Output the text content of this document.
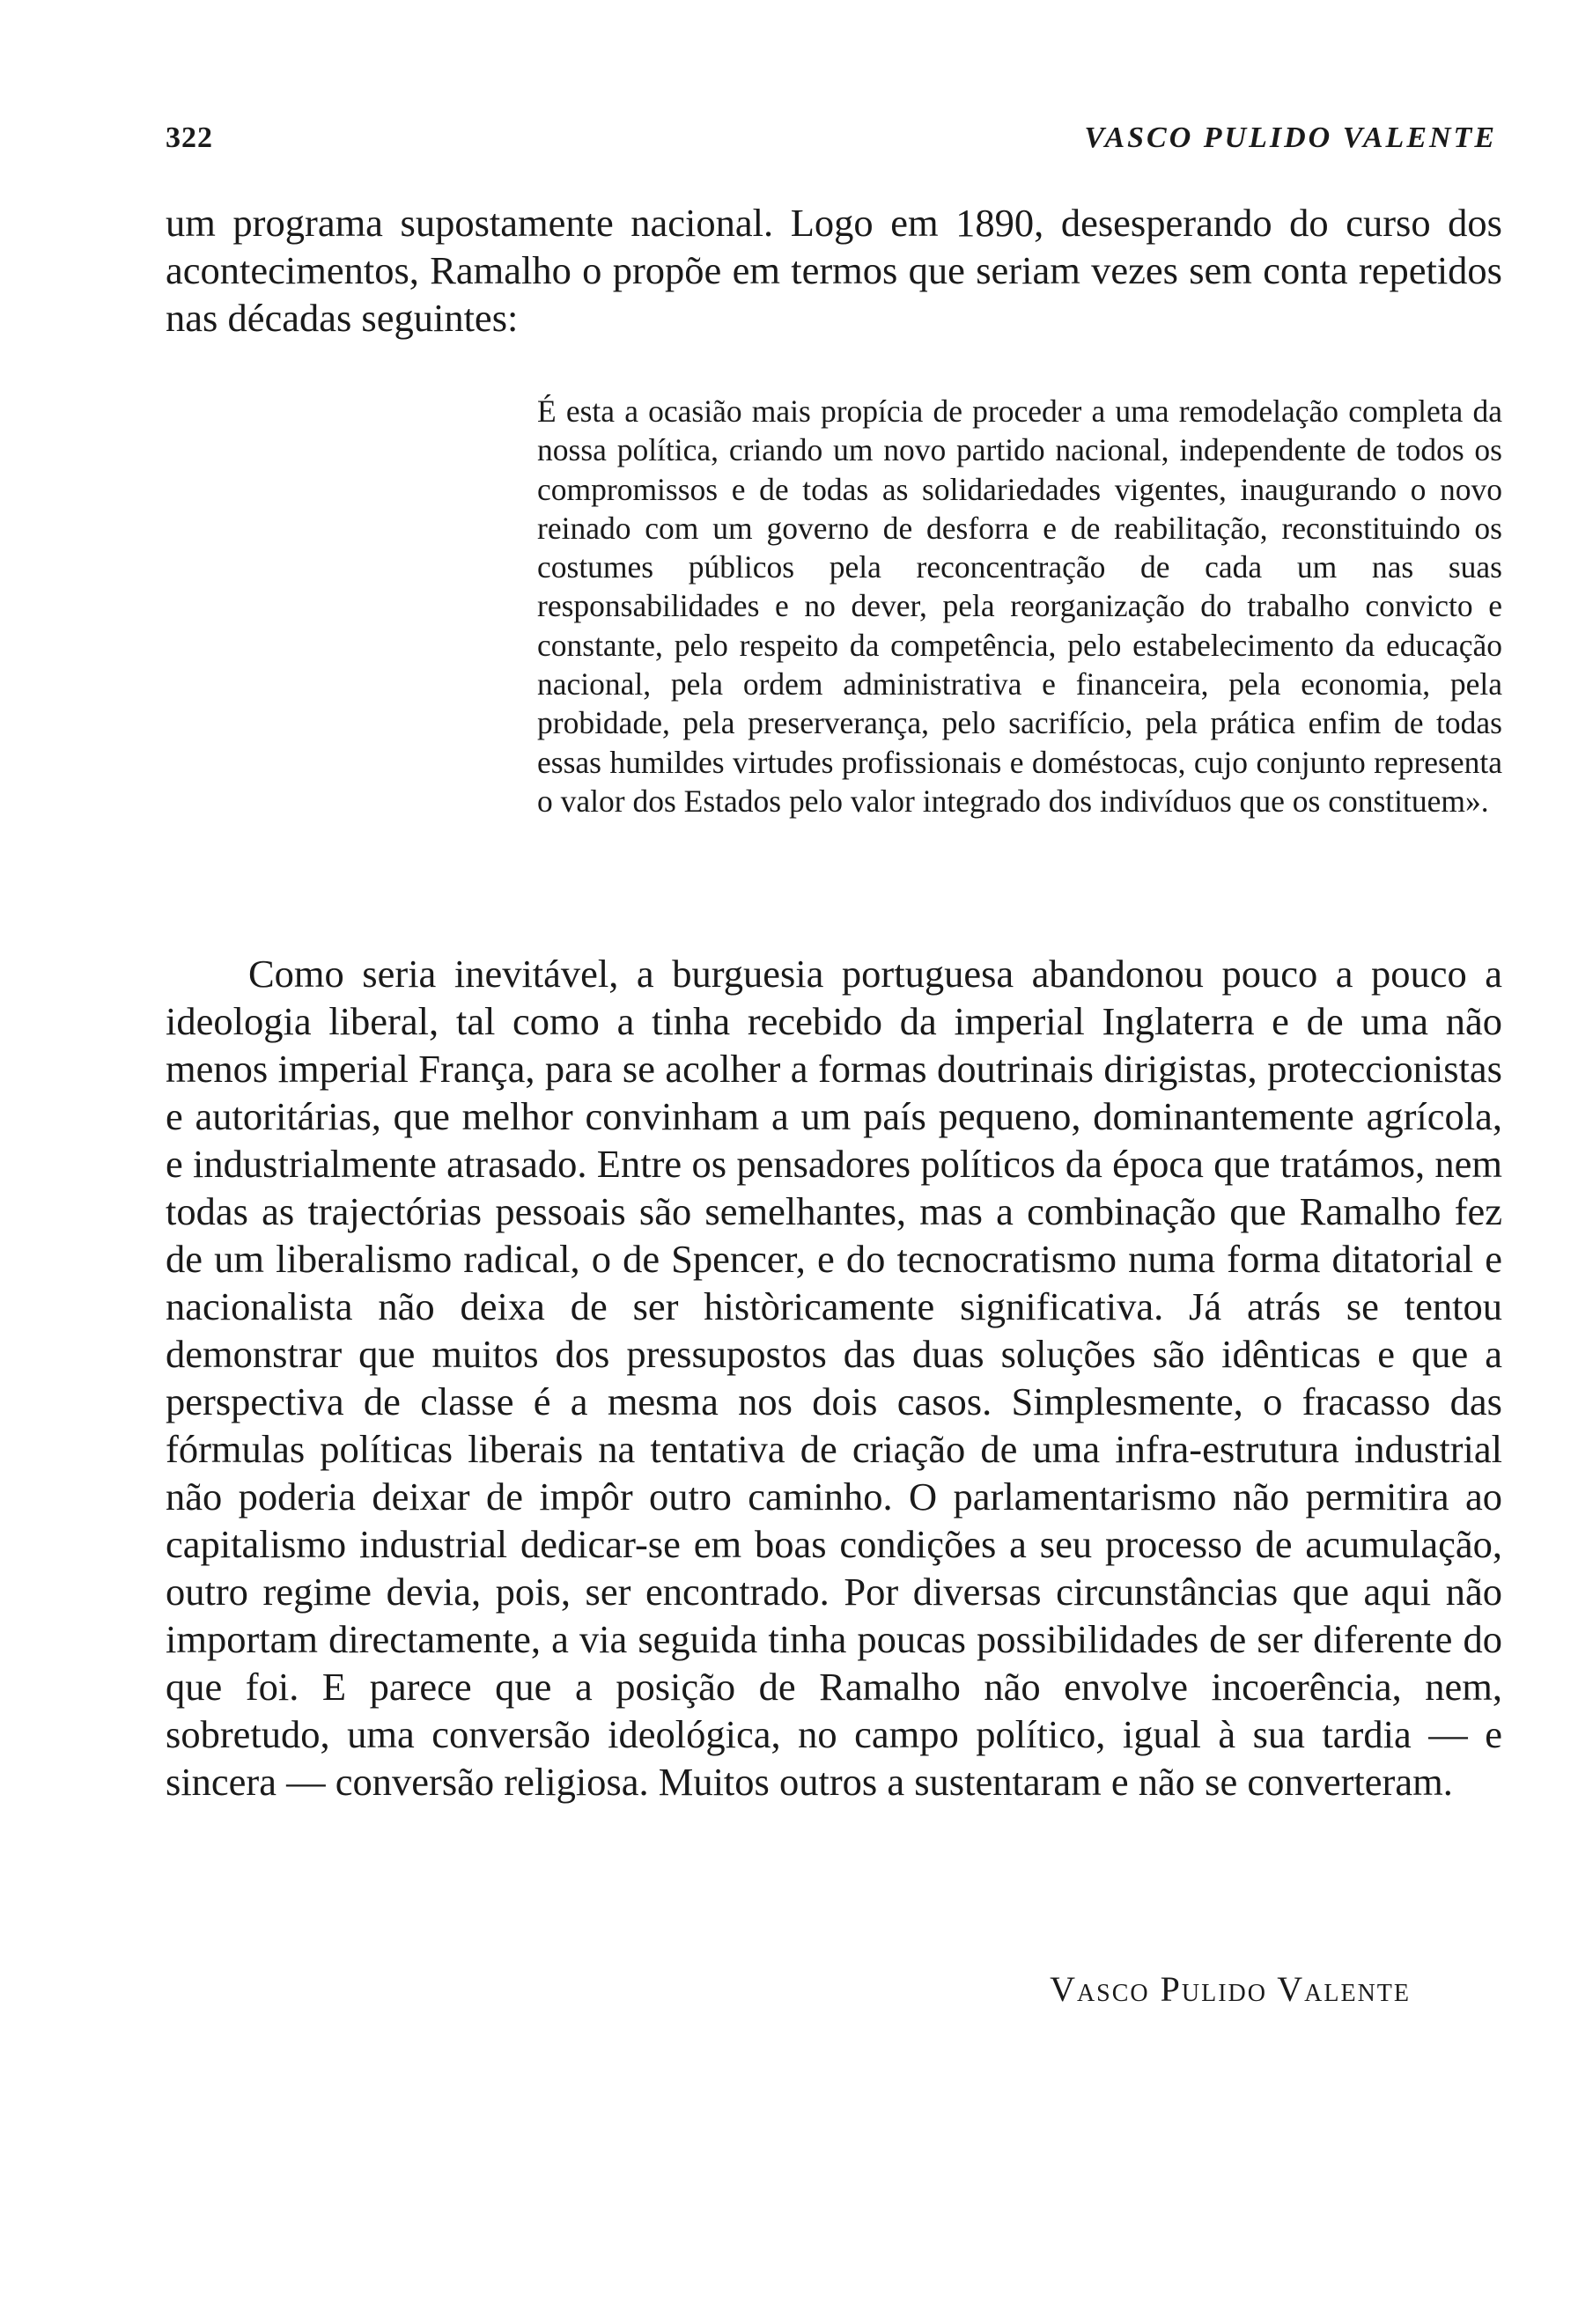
322	VASCO PULIDO VALENTE

um programa supostamente nacional. Logo em 1890, desesperando do curso dos acontecimentos, Ramalho o propõe em termos que seriam vezes sem conta repetidos nas décadas seguintes:

É esta a ocasião mais propícia de proceder a uma remodelação completa da nossa política, criando um novo partido nacional, independente de todos os compromissos e de todas as solidariedades vigentes, inaugurando o novo reinado com um governo de desforra e de reabilitação, reconstituindo os costumes públicos pela reconcentração de cada um nas suas responsabilidades e no dever, pela reorganização do trabalho convicto e constante, pelo respeito da competência, pelo estabelecimento da educação nacional, pela ordem administrativa e financeira, pela economia, pela probidade, pela preserverança, pelo sacrifício, pela prática enfim de todas essas humildes virtudes profissionais e doméstocas, cujo conjunto representa o valor dos Estados pelo valor integrado dos indivíduos que os constituem».

Como seria inevitável, a burguesia portuguesa abandonou pouco a pouco a ideologia liberal, tal como a tinha recebido da imperial Inglaterra e de uma não menos imperial França, para se acolher a formas doutrinais dirigistas, proteccionistas e autoritárias, que melhor convinham a um país pequeno, dominantemente agrícola, e industrialmente atrasado. Entre os pensadores políticos da época que tratámos, nem todas as trajectórias pessoais são semelhantes, mas a combinação que Ramalho fez de um liberalismo radical, o de Spencer, e do tecnocratismo numa forma ditatorial e nacionalista não deixa de ser històricamente significativa. Já atrás se tentou demonstrar que muitos dos pressupostos das duas soluções são idênticas e que a perspectiva de classe é a mesma nos dois casos. Simplesmente, o fracasso das fórmulas políticas liberais na tentativa de criação de uma infra-estrutura industrial não poderia deixar de impôr outro caminho. O parlamentarismo não permitira ao capitalismo industrial dedicar-se em boas condições a seu processo de acumulação, outro regime devia, pois, ser encontrado. Por diversas circunstâncias que aqui não importam directamente, a via seguida tinha poucas possibilidades de ser diferente do que foi. E parece que a posição de Ramalho não envolve incoerência, nem, sobretudo, uma conversão ideológica, no campo político, igual à sua tardia — e sincera — conversão religiosa. Muitos outros a sustentaram e não se converteram.

Vasco Pulido Valente
